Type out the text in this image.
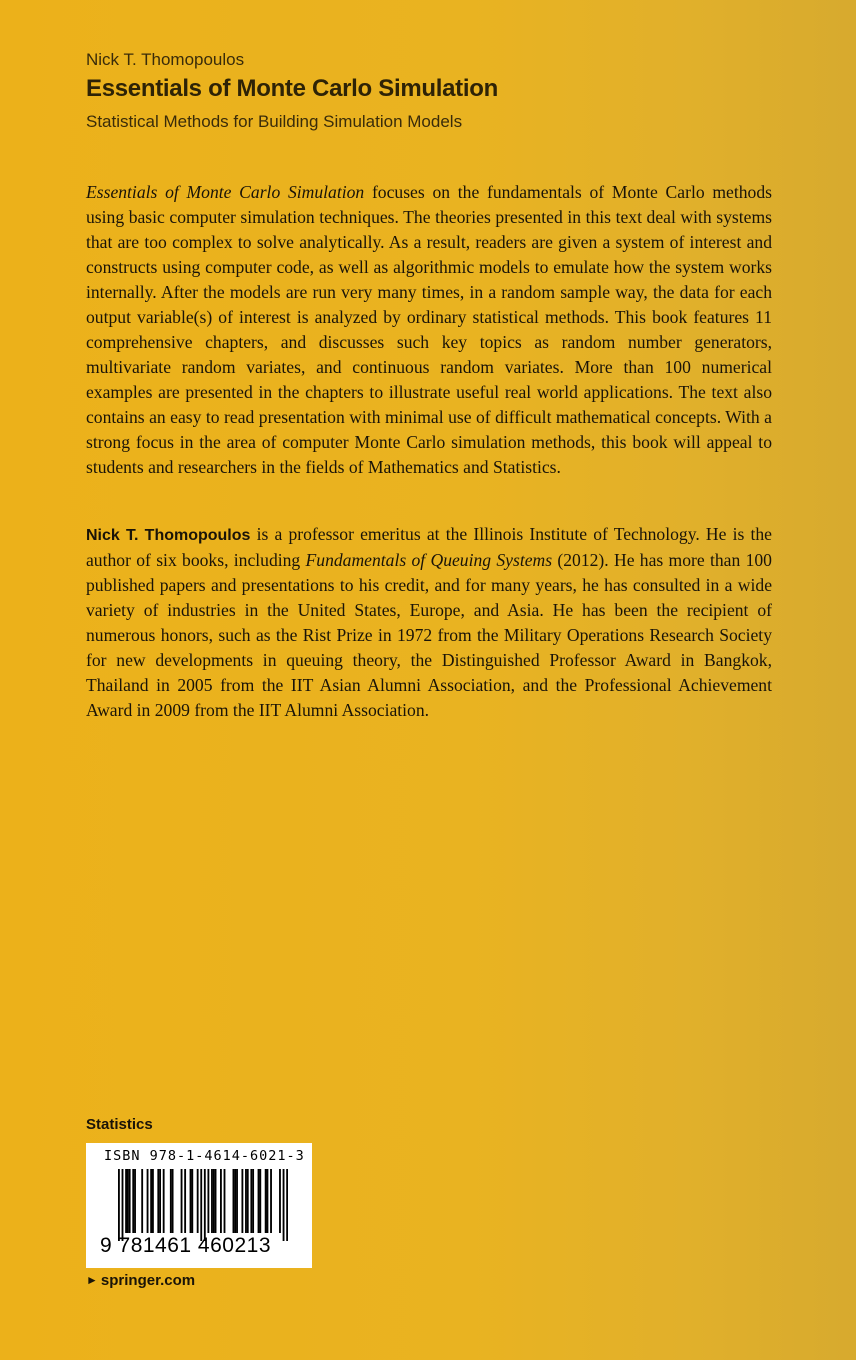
Nick T. Thomopoulos
Essentials of Monte Carlo Simulation
Statistical Methods for Building Simulation Models

Essentials of Monte Carlo Simulation focuses on the fundamentals of Monte Carlo methods using basic computer simulation techniques. The theories presented in this text deal with systems that are too complex to solve analytically. As a result, readers are given a system of interest and constructs using computer code, as well as algorithmic models to emulate how the system works internally. After the models are run very many times, in a random sample way, the data for each output variable(s) of interest is analyzed by ordinary statistical methods. This book features 11 comprehensive chapters, and discusses such key topics as random number generators, multivariate random variates, and continuous random variates. More than 100 numerical examples are presented in the chapters to illustrate useful real world applications. The text also contains an easy to read presentation with minimal use of difficult mathematical concepts. With a strong focus in the area of computer Monte Carlo simulation methods, this book will appeal to students and researchers in the fields of Mathematics and Statistics.

Nick T. Thomopoulos is a professor emeritus at the Illinois Institute of Technology. He is the author of six books, including Fundamentals of Queuing Systems (2012). He has more than 100 published papers and presentations to his credit, and for many years, he has consulted in a wide variety of industries in the United States, Europe, and Asia. He has been the recipient of numerous honors, such as the Rist Prize in 1972 from the Military Operations Research Society for new developments in queuing theory, the Distinguished Professor Award in Bangkok, Thailand in 2005 from the IIT Asian Alumni Association, and the Professional Achievement Award in 2009 from the IIT Alumni Association.

Statistics
ISBN 978-1-4614-6021-3
9 781461 460213
► springer.com
